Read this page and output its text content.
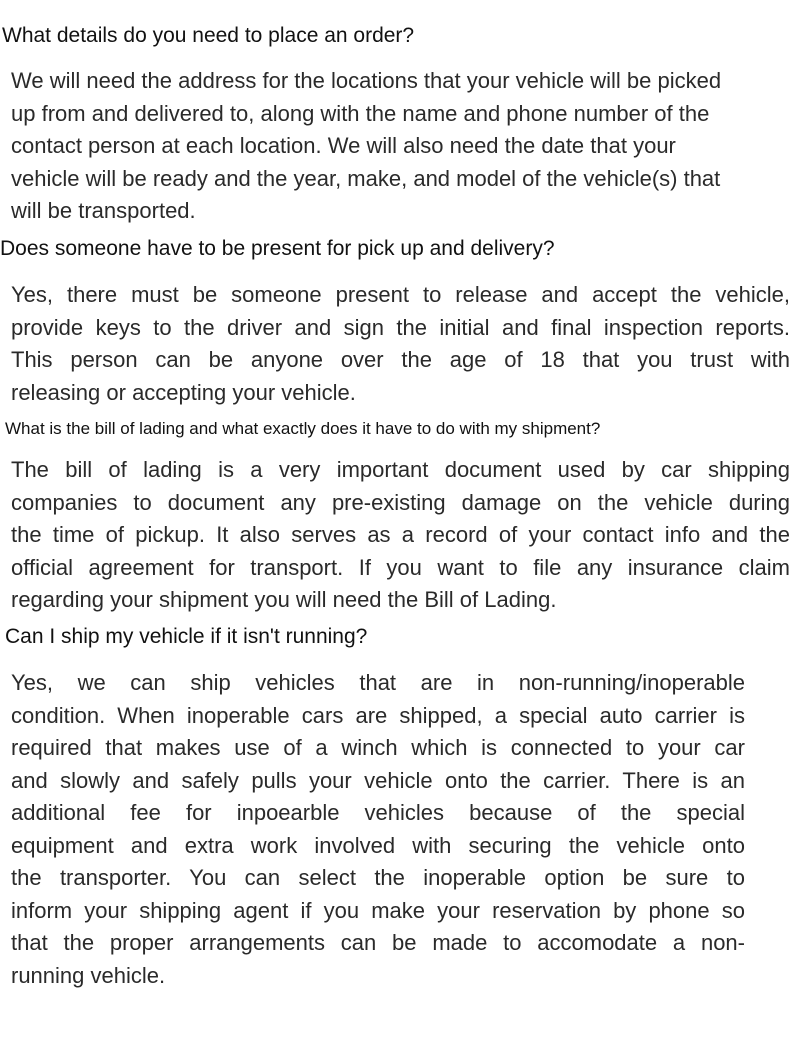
What details do you need to place an order?
We will need the address for the locations that your vehicle will be picked
up from and delivered to, along with the name and phone number of the
contact person at each location. We will also need the date that your
vehicle will be ready and the year, make, and model of the vehicle(s) that
will be transported.
Does someone have to be present for pick up and delivery?
Yes, there must be someone present to release and accept the vehicle,
provide keys to the driver and sign the initial and final inspection reports.
This person can be anyone over the age of 18 that you trust with
releasing or accepting your vehicle.
What is the bill of lading and what exactly does it have to do with my shipment?
The bill of lading is a very important document used by car shipping
companies to document any pre-existing damage on the vehicle during
the time of pickup. It also serves as a record of your contact info and the
official agreement for transport. If you want to file any insurance claim
regarding your shipment you will need the Bill of Lading.
Can I ship my vehicle if it isn't running?
Yes, we can ship vehicles that are in non-running/inoperable
condition. When inoperable cars are shipped, a special auto carrier is
required that makes use of a winch which is connected to your car
and slowly and safely pulls your vehicle onto the carrier. There is an
additional fee for inpoearble vehicles because of the special
equipment and extra work involved with securing the vehicle onto
the transporter. You can select the inoperable option be sure to
inform your shipping agent if you make your reservation by phone so
that the proper arrangements can be made to accomodate a non-
running vehicle.
